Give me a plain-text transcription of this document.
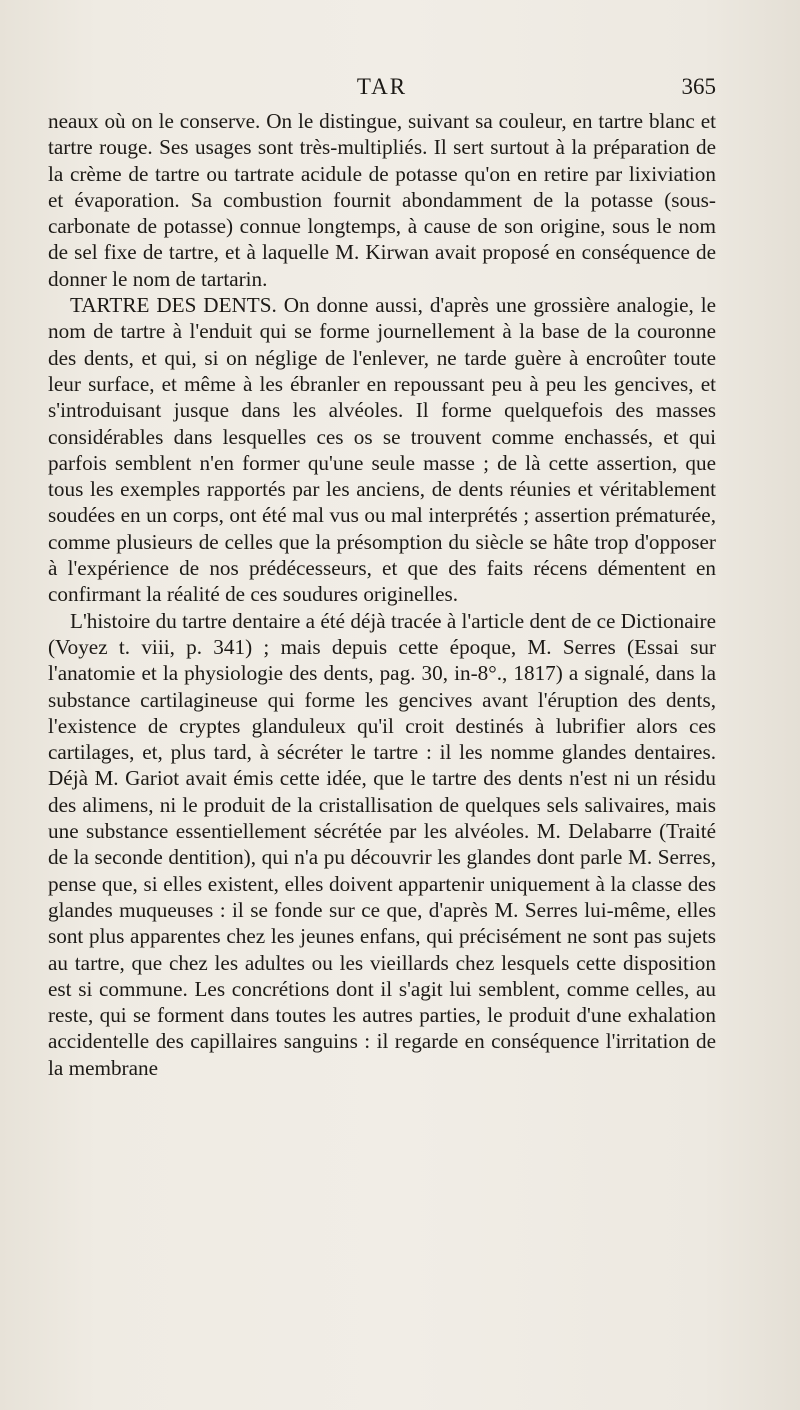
TAR	365

neaux où on le conserve. On le distingue, suivant sa couleur, en tartre blanc et tartre rouge. Ses usages sont très-multipliés. Il sert surtout à la préparation de la crème de tartre ou tartrate acidule de potasse qu'on en retire par lixiviation et évaporation. Sa combustion fournit abondamment de la potasse (sous-carbonate de potasse) connue longtemps, à cause de son origine, sous le nom de sel fixe de tartre, et à laquelle M. Kirwan avait proposé en conséquence de donner le nom de tartarin.

TARTRE DES DENTS. On donne aussi, d'après une grossière analogie, le nom de tartre à l'enduit qui se forme journellement à la base de la couronne des dents, et qui, si on néglige de l'enlever, ne tarde guère à encroûter toute leur surface, et même à les ébranler en repoussant peu à peu les gencives, et s'introduisant jusque dans les alvéoles. Il forme quelquefois des masses considérables dans lesquelles ces os se trouvent comme enchassés, et qui parfois semblent n'en former qu'une seule masse ; de là cette assertion, que tous les exemples rapportés par les anciens, de dents réunies et véritablement soudées en un corps, ont été mal vus ou mal interprétés ; assertion prématurée, comme plusieurs de celles que la présomption du siècle se hâte trop d'opposer à l'expérience de nos prédécesseurs, et que des faits récens démentent en confirmant la réalité de ces soudures originelles.

L'histoire du tartre dentaire a été déjà tracée à l'article dent de ce Dictionaire (Voyez t. viii, p. 341) ; mais depuis cette époque, M. Serres (Essai sur l'anatomie et la physiologie des dents, pag. 30, in-8°., 1817) a signalé, dans la substance cartilagineuse qui forme les gencives avant l'éruption des dents, l'existence de cryptes glanduleux qu'il croit destinés à lubrifier alors ces cartilages, et, plus tard, à sécréter le tartre : il les nomme glandes dentaires. Déjà M. Gariot avait émis cette idée, que le tartre des dents n'est ni un résidu des alimens, ni le produit de la cristallisation de quelques sels salivaires, mais une substance essentiellement sécrétée par les alvéoles. M. Delabarre (Traité de la seconde dentition), qui n'a pu découvrir les glandes dont parle M. Serres, pense que, si elles existent, elles doivent appartenir uniquement à la classe des glandes muqueuses : il se fonde sur ce que, d'après M. Serres lui-même, elles sont plus apparentes chez les jeunes enfans, qui précisément ne sont pas sujets au tartre, que chez les adultes ou les vieillards chez lesquels cette disposition est si commune. Les concrétions dont il s'agit lui semblent, comme celles, au reste, qui se forment dans toutes les autres parties, le produit d'une exhalation accidentelle des capillaires sanguins : il regarde en conséquence l'irritation de la membrane
